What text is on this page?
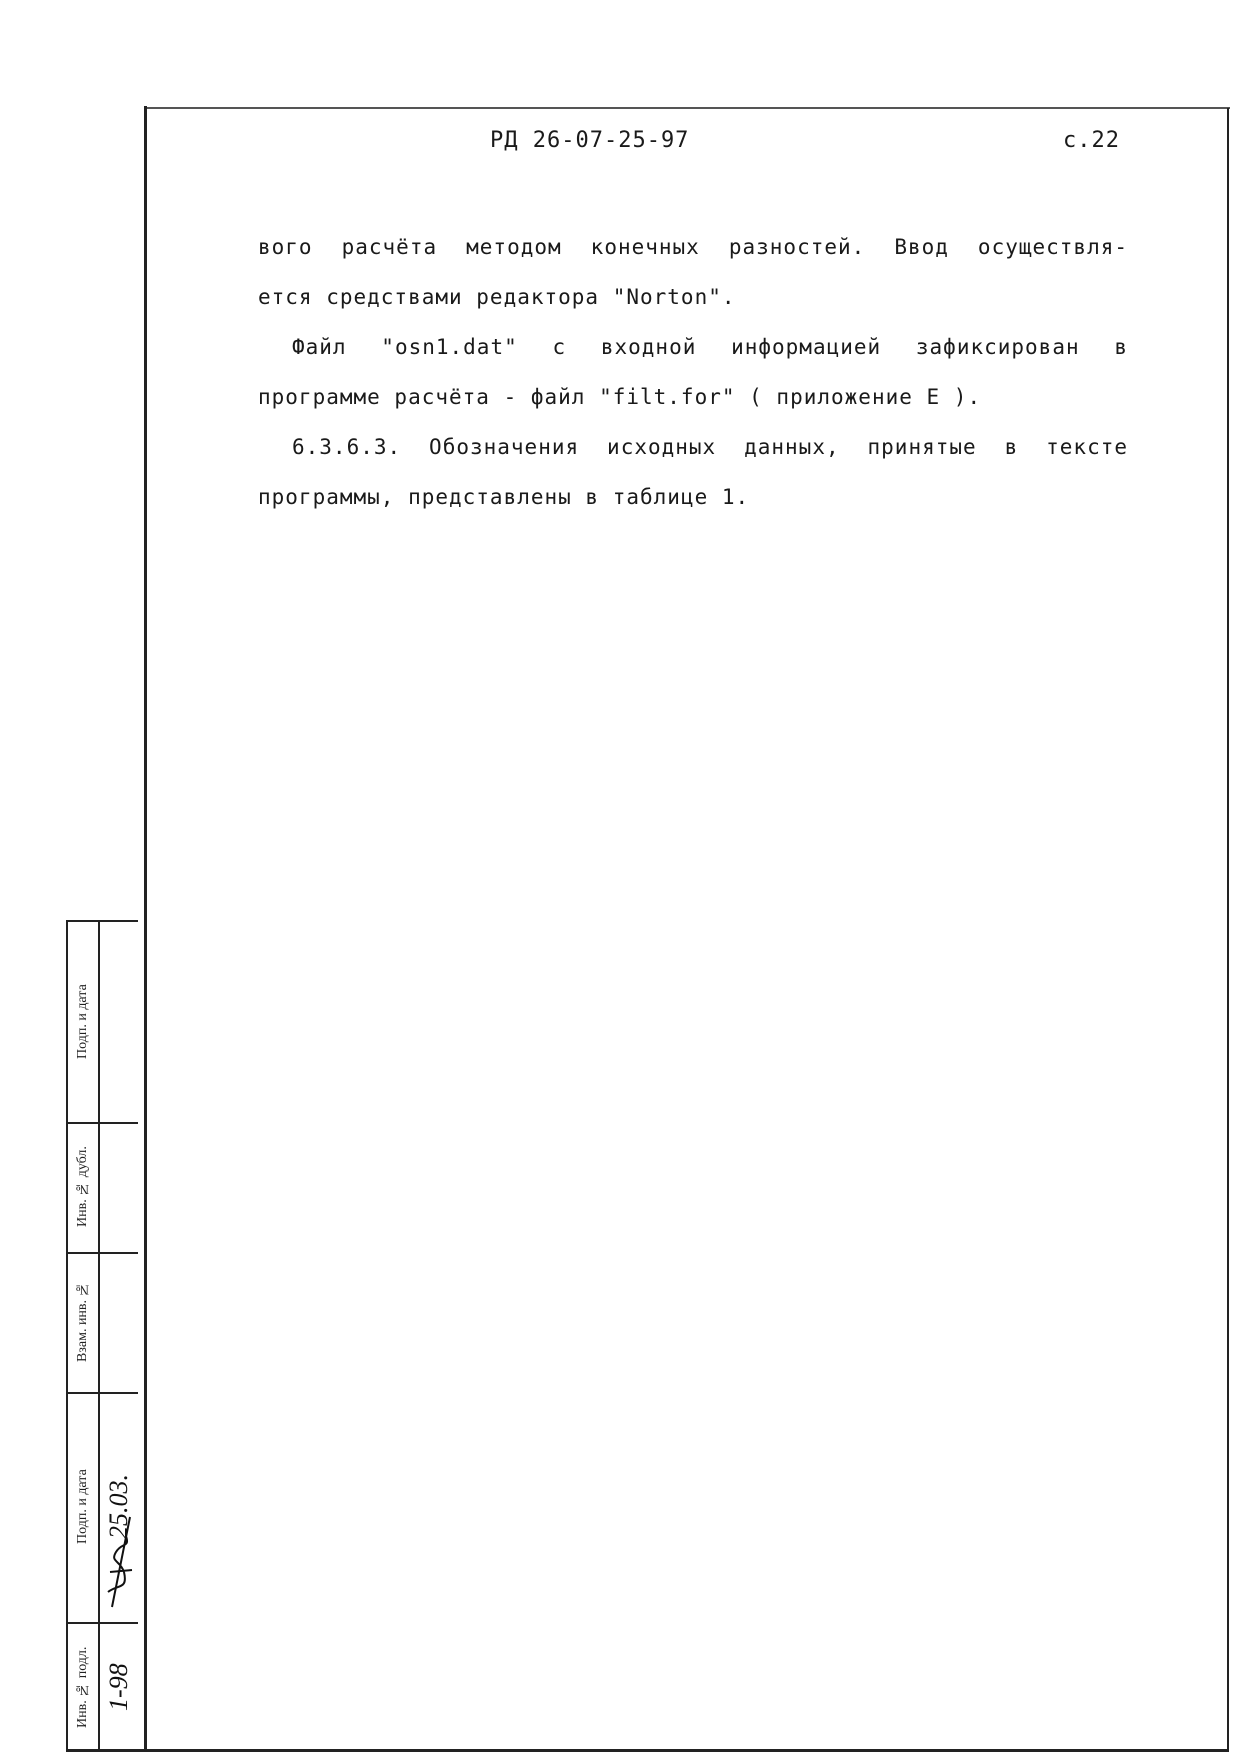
РД 26-07-25-97	с.22

вого расчёта методом конечных разностей. Ввод осуществля-

ется средствами редактора "Norton".

Файл "osn1.dat" с входной информацией зафиксирован в

программе расчёта - файл "filt.for" ( приложение Е ).

6.3.6.3. Обозначения исходных данных, принятые в тексте

программы, представлены в таблице 1.

Подп. и дата
Инв. № дубл.
Взам. инв. №
Подп. и дата 25.03.
Инв. № подл. 1-98
